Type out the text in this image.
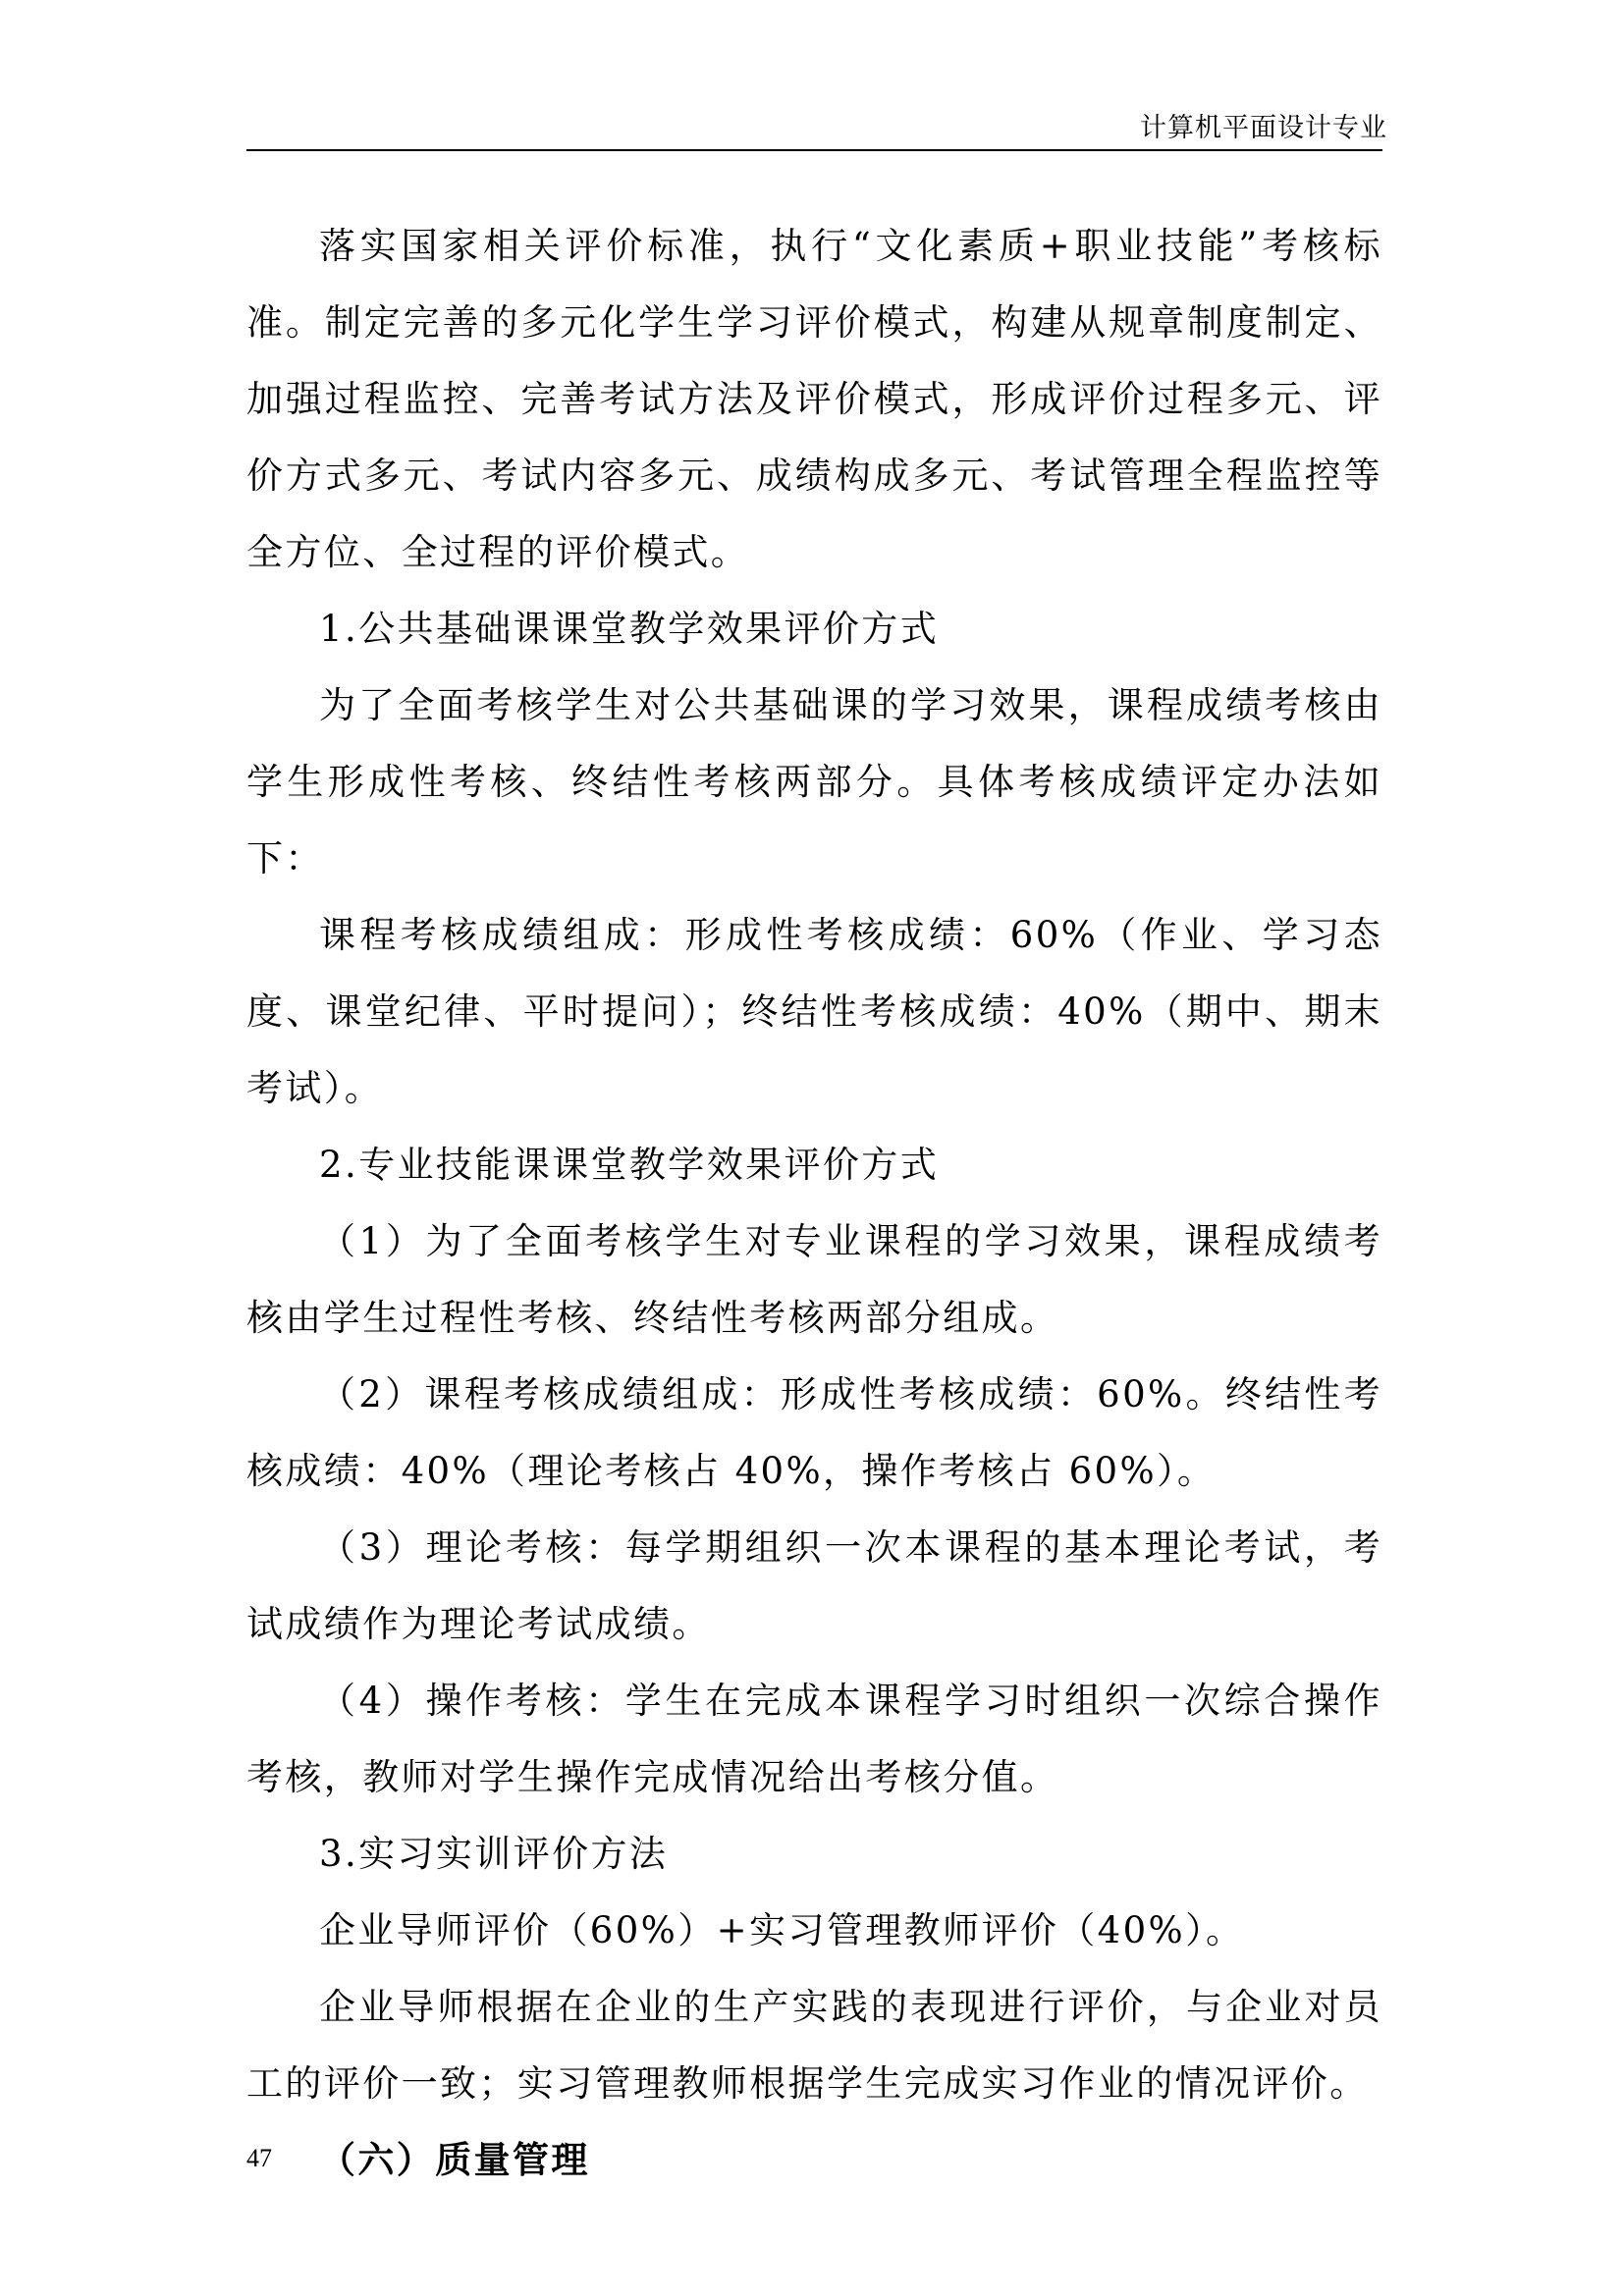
计算机平面设计专业

落实国家相关评价标准，执行“文化素质+职业技能”考核标准。制定完善的多元化学生学习评价模式，构建从规章制度制定、加强过程监控、完善考试方法及评价模式，形成评价过程多元、评价方式多元、考试内容多元、成绩构成多元、考试管理全程监控等全方位、全过程的评价模式。

1.公共基础课课堂教学效果评价方式

为了全面考核学生对公共基础课的学习效果，课程成绩考核由学生形成性考核、终结性考核两部分。具体考核成绩评定办法如下：

课程考核成绩组成：形成性考核成绩：60%（作业、学习态度、课堂纪律、平时提问）；终结性考核成绩：40%（期中、期末考试）。

2.专业技能课课堂教学效果评价方式

（1）为了全面考核学生对专业课程的学习效果，课程成绩考核由学生过程性考核、终结性考核两部分组成。

（2）课程考核成绩组成：形成性考核成绩：60%。终结性考核成绩：40%（理论考核占 40%，操作考核占 60%）。

（3）理论考核：每学期组织一次本课程的基本理论考试，考试成绩作为理论考试成绩。

（4）操作考核：学生在完成本课程学习时组织一次综合操作考核，教师对学生操作完成情况给出考核分值。

3.实习实训评价方法

企业导师评价（60%）+实习管理教师评价（40%）。

企业导师根据在企业的生产实践的表现进行评价，与企业对员工的评价一致；实习管理教师根据学生完成实习作业的情况评价。

（六）质量管理

47
